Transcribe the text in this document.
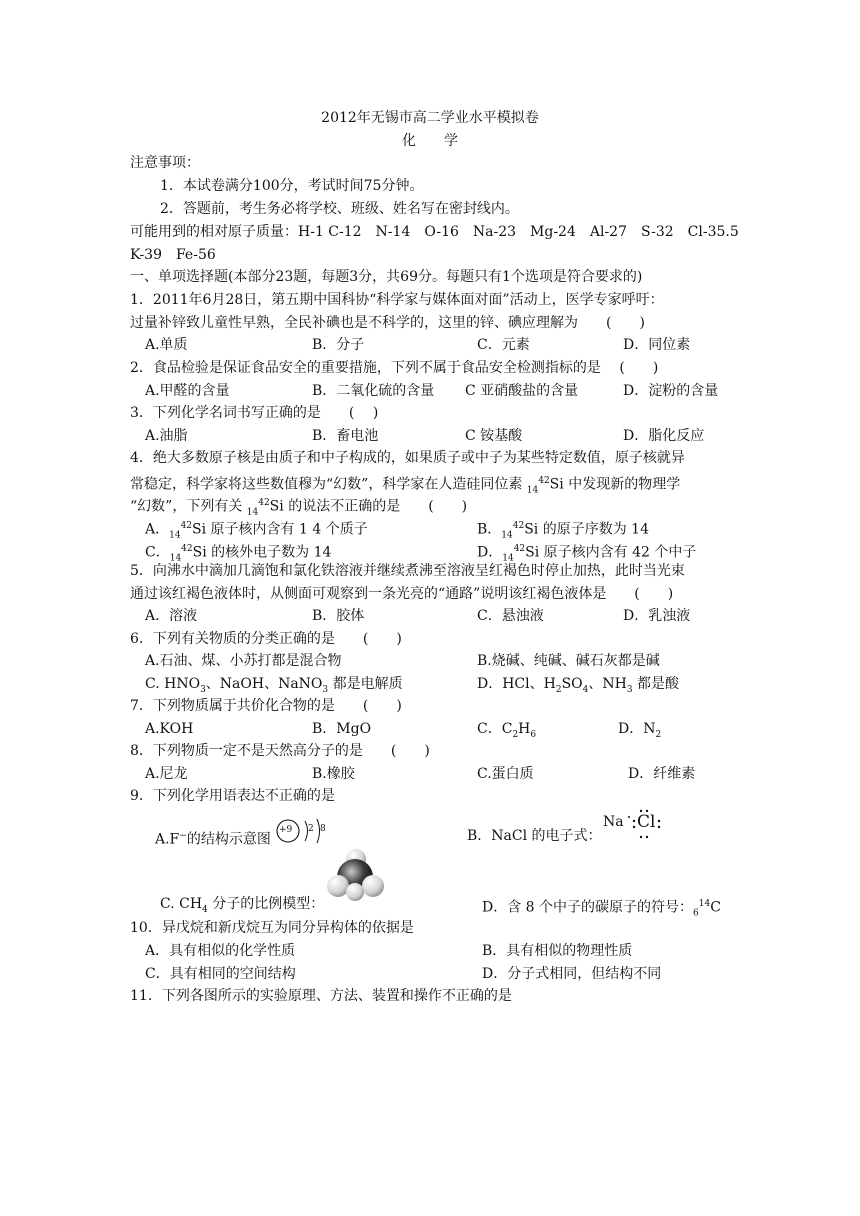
2012年无锡市高二学业水平模拟卷
化　　学
注意事项：
1．本试卷满分100分，考试时间75分钟。
2．答题前，考生务必将学校、班级、姓名写在密封线内。
可能用到的相对原子质量：H-1 C-12　N-14　O-16　Na-23　Mg-24　Al-27　S-32　Cl-35.5
K-39　Fe-56
一、单项选择题(本部分23题，每题3分，共69分。每题只有1个选项是符合要求的)
1．2011年6月28日，第五期中国科协“科学家与媒体面对面”活动上，医学专家呼吁：
过量补锌致儿童性早熟，全民补碘也是不科学的，这里的锌、碘应理解为　　(　　)
A.单质	B．分子	C．元素	D．同位素
2．食品检验是保证食品安全的重要措施，下列不属于食品安全检测指标的是　 (　　)
A.甲醛的含量	B．二氧化硫的含量 C 亚硝酸盐的含量	D．淀粉的含量
3．下列化学名词书写正确的是　　(　 )
A.油脂	B．畜电池	C 铵基酸	D．脂化反应
4．绝大多数原子核是由质子和中子构成的，如果质子或中子为某些特定数值，原子核就异
常稳定，科学家将这些数值穆为“幻数”，科学家在人造硅同位素 $_{14}^{42}$Si 中发现新的物理学
“幻数”，下列有关 $_{14}^{42}$Si 的说法不正确的是　　(　　)
A．$_{14}^{42}$Si 原子核内含有 1 4 个质子	B．$_{14}^{42}$Si 的原子序数为 14
C．$_{14}^{42}$Si 的核外电子数为 14	D．$_{14}^{42}$Si 原子核内含有 42 个中子
5．向沸水中滴加几滴饱和氯化铁溶液并继续煮沸至溶液呈红褐色时停止加热，此时当光束
通过该红褐色液体时，从侧面可观察到一条光亮的“通路”说明该红褐色液体是　　(　　)
A．溶液	B．胶体	C．悬浊液	D．乳浊液
6．下列有关物质的分类正确的是　　(　　)
A.石油、煤、小苏打都是混合物	B.烧碱、纯碱、碱石灰都是碱
C. $HNO_3$、NaOH、NaNO$_3$ 都是电解质	D．HCl、$H_2SO_4$、$NH_3$ 都是酸
7．下列物质属于共价化合物的是　　(　　)
A.KOH	B．MgO	C．$C_2H_6$	D．$N_2$
8．下列物质一定不是天然高分子的是　　(　　)
A.尼龙	B.橡胶	C.蛋白质	D．纤维素
9．下列化学用语表达不正确的是
A.F−的结构示意图
+9 2 8	B．NaCl 的电子式：
Na Cl
C. $CH_4$ 分子的比例模型：	D．含 8 个中子的碳原子的符号：$_6^{14}$C
10．异戊烷和新戊烷互为同分异构体的依据是
A．具有相似的化学性质	B．具有相似的物理性质
C．具有相同的空间结构	D．分子式相同，但结构不同
11．下列各图所示的实验原理、方法、装置和操作不正确的是
